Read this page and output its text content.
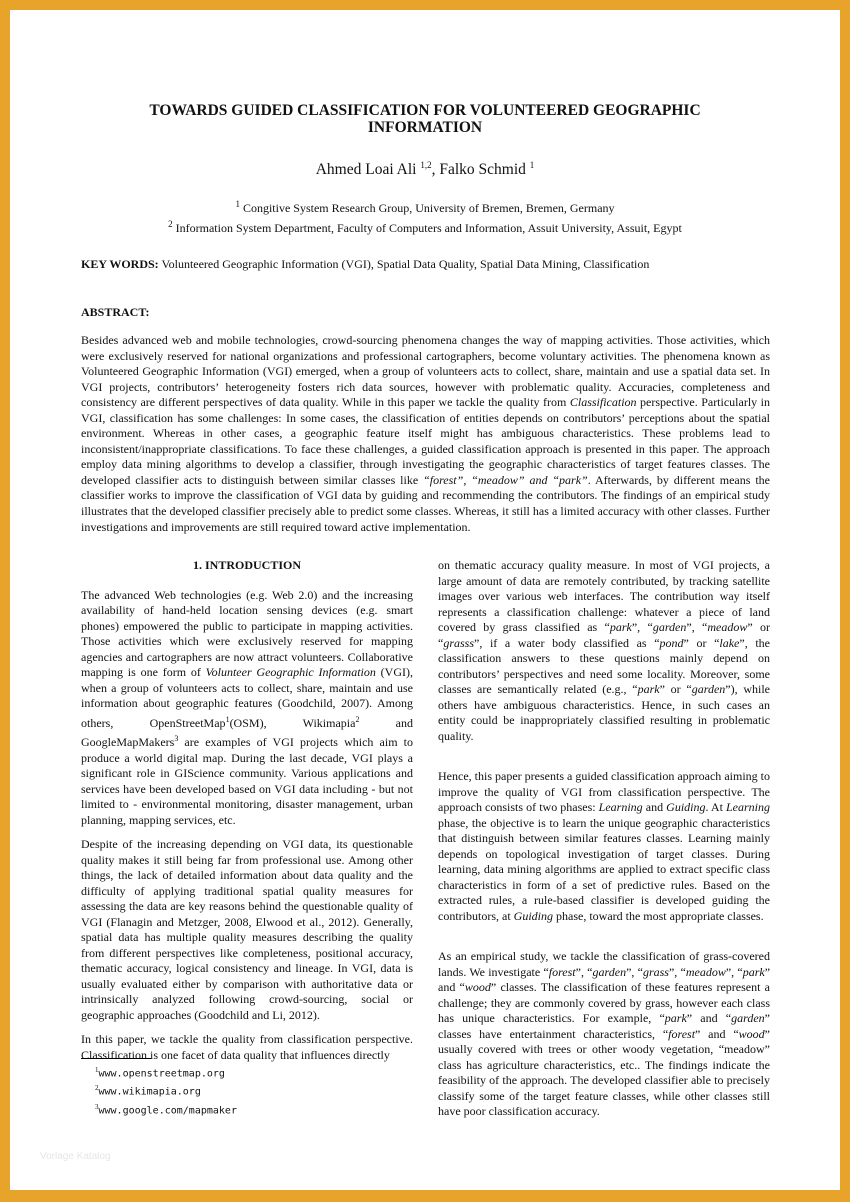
TOWARDS GUIDED CLASSIFICATION FOR VOLUNTEERED GEOGRAPHIC
INFORMATION
Ahmed Loai Ali $^{1,2}$, Falko Schmid $^1$
$^1$ Congitive System Research Group, University of Bremen, Bremen, Germany
$^2$ Information System Department, Faculty of Computers and Information, Assuit University, Assuit, Egypt
KEY WORDS: Volunteered Geographic Information (VGI), Spatial Data Quality, Spatial Data Mining, Classification
ABSTRACT:
Besides advanced web and mobile technologies, crowd-sourcing phenomena changes the way of mapping activities. Those activities, which were exclusively reserved for national organizations and professional cartographers, become voluntary activities. The phenomena known as Volunteered Geographic Information (VGI) emerged, when a group of volunteers acts to collect, share, maintain and use a spatial data set. In VGI projects, contributors’ heterogeneity fosters rich data sources, however with problematic quality. Accuracies, completeness and consistency are different perspectives of data quality. While in this paper we tackle the quality from Classification perspective. Particularly in VGI, classification has some challenges: In some cases, the classification of entities depends on contributors’ perceptions about the spatial environment. Whereas in other cases, a geographic feature itself might has ambiguous characteristics. These problems lead to inconsistent/inappropriate classifications. To face these challenges, a guided classification approach is presented in this paper. The approach employ data mining algorithms to develop a classifier, through investigating the geographic characteristics of target features classes. The developed classifier acts to distinguish between similar classes like “forest”, “meadow” and “park”. Afterwards, by different means the classifier works to improve the classification of VGI data by guiding and recommending the contributors. The findings of an empirical study illustrates that the developed classifier precisely able to predict some classes. Whereas, it still has a limited accuracy with other classes. Further investigations and improvements are still required toward active implementation.
1. INTRODUCTION

The advanced Web technologies (e.g. Web 2.0) and the increasing availability of hand-held location sensing devices (e.g. smart phones) empowered the public to participate in mapping activities. Those activities which were exclusively reserved for mapping agencies and cartographers are now attract volunteers. Collaborative mapping is one form of Volunteer Geographic Information (VGI), when a group of volunteers acts to collect, share, maintain and use information about geographic features (Goodchild, 2007). Among others, OpenStreetMap$^1$(OSM), Wikimapia$^2$ and GoogleMapMakers$^3$ are examples of VGI projects which aim to produce a world digital map. During the last decade, VGI plays a significant role in GIScience community. Various applications and services have been developed based on VGI data including - but not limited to - environmental monitoring, disaster management, urban planning, mapping services, etc.

Despite of the increasing depending on VGI data, its questionable quality makes it still being far from professional use. Among other things, the lack of detailed information about data quality and the difficulty of applying traditional spatial quality measures for assessing the data are key reasons behind the questionable quality of VGI (Flanagin and Metzger, 2008, Elwood et al., 2012). Generally, spatial data has multiple quality measures describing the quality from different perspectives like completeness, positional accuracy, thematic accuracy, logical consistency and lineage. In VGI, data is usually evaluated either by comparison with authoritative data or intrinsically analyzed following crowd-sourcing, social or geographic approaches (Goodchild and Li, 2012).

In this paper, we tackle the quality from classification perspective. Classification is one facet of data quality that influences directly

$^1$www.openstreetmap.org
$^2$www.wikimapia.org
$^3$www.google.com/mapmaker

on thematic accuracy quality measure. In most of VGI projects, a large amount of data are remotely contributed, by tracking satellite images over various web interfaces. The contribution way itself represents a classification challenge: whatever a piece of land covered by grass classified as “park”, “garden”, “meadow” or “grasss”, if a water body classified as “pond” or “lake”, the classification answers to these questions mainly depend on contributors’ perspectives and need some locality. Moreover, some classes are semantically related (e.g., “park” or “garden”), while others have ambiguous characteristics. Hence, in such cases an entity could be inappropriately classified resulting in problematic quality.

Hence, this paper presents a guided classification approach aiming to improve the quality of VGI from classification perspective. The approach consists of two phases: Learning and Guiding. At Learning phase, the objective is to learn the unique geographic characteristics that distinguish between similar features classes. Learning mainly depends on topological investigation of target classes. During learning, data mining algorithms are applied to extract specific class characteristics in form of a set of predictive rules. Based on the extracted rules, a rule-based classifier is developed guiding the contributors, at Guiding phase, toward the most appropriate classes.

As an empirical study, we tackle the classification of grass-covered lands. We investigate “forest”, “garden”, “grass”, “meadow”, “park” and “wood” classes. The classification of these features represent a challenge; they are commonly covered by grass, however each class has unique characteristics. For example, “park” and “garden” classes have entertainment characteristics, “forest” and “wood” usually covered with trees or other woody vegetation, “meadow” class has agriculture characteristics, etc.. The findings indicate the feasibility of the approach. The developed classifier able to precisely classify some of the target feature classes, while other classes still have poor classification accuracy.

Vorlage Katalog
